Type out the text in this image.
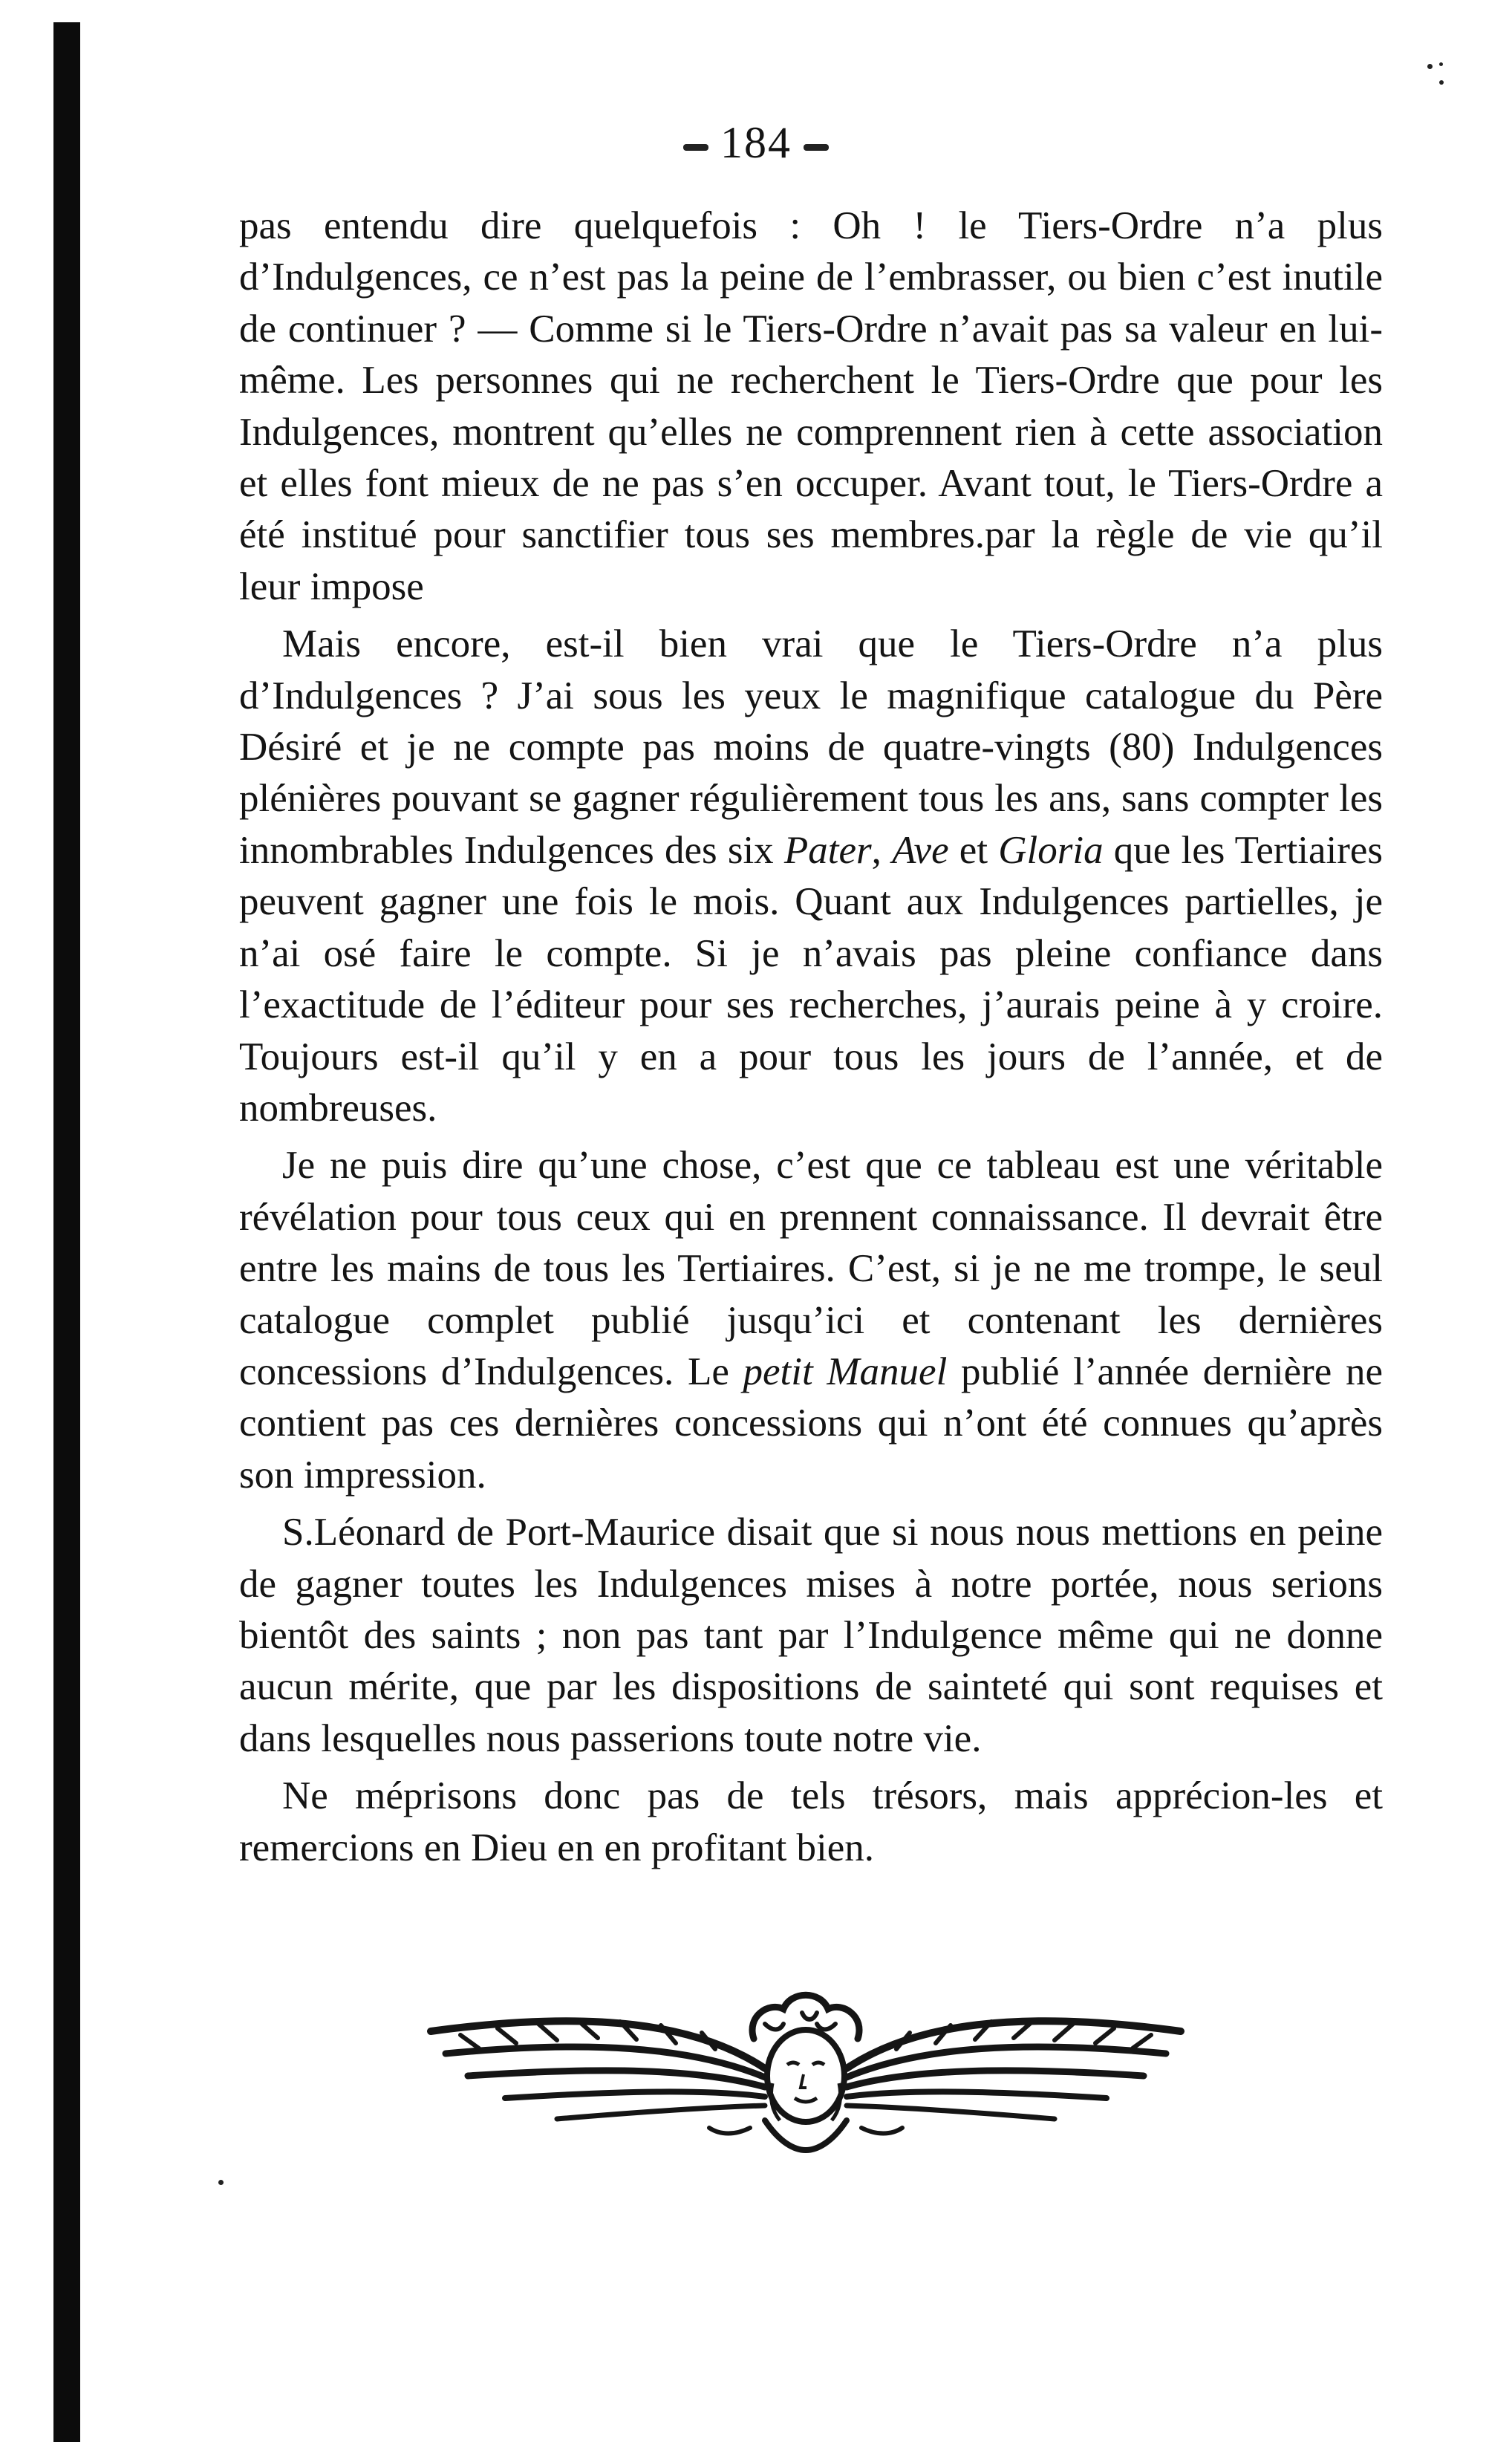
184

pas entendu dire quelquefois : Oh ! le Tiers-Ordre n’a plus d’Indulgences, ce n’est pas la peine de l’embrasser, ou bien c’est inutile de continuer ? — Comme si le Tiers-Ordre n’avait pas sa valeur en lui-même. Les personnes qui ne recherchent le Tiers-Ordre que pour les Indulgences, montrent qu’elles ne comprennent rien à cette association et elles font mieux de ne pas s’en occuper. Avant tout, le Tiers-Ordre a été institué pour sanctifier tous ses membres.par la règle de vie qu’il leur impose

Mais encore, est-il bien vrai que le Tiers-Ordre n’a plus d’Indulgences ? J’ai sous les yeux le magnifique catalogue du Père Désiré et je ne compte pas moins de quatre-vingts (80) Indulgences plénières pouvant se gagner régulièrement tous les ans, sans compter les innombrables Indulgences des six Pater, Ave et Gloria que les Tertiaires peuvent gagner une fois le mois. Quant aux Indulgences partielles, je n’ai osé faire le compte. Si je n’avais pas pleine confiance dans l’exactitude de l’éditeur pour ses recherches, j’aurais peine à y croire. Toujours est-il qu’il y en a pour tous les jours de l’année, et de nombreuses.

Je ne puis dire qu’une chose, c’est que ce tableau est une véritable révélation pour tous ceux qui en prennent connaissance. Il devrait être entre les mains de tous les Tertiaires. C’est, si je ne me trompe, le seul catalogue complet publié jusqu’ici et contenant les dernières concessions d’Indulgences. Le petit Manuel publié l’année dernière ne contient pas ces dernières concessions qui n’ont été connues qu’après son impression.

S.Léonard de Port-Maurice disait que si nous nous mettions en peine de gagner toutes les Indulgences mises à notre portée, nous serions bientôt des saints ; non pas tant par l’Indulgence même qui ne donne aucun mérite, que par les dispositions de sainteté qui sont requises et dans lesquelles nous passerions toute notre vie.

Ne méprisons donc pas de tels trésors, mais apprécion-les et remercions en Dieu en en profitant bien.
